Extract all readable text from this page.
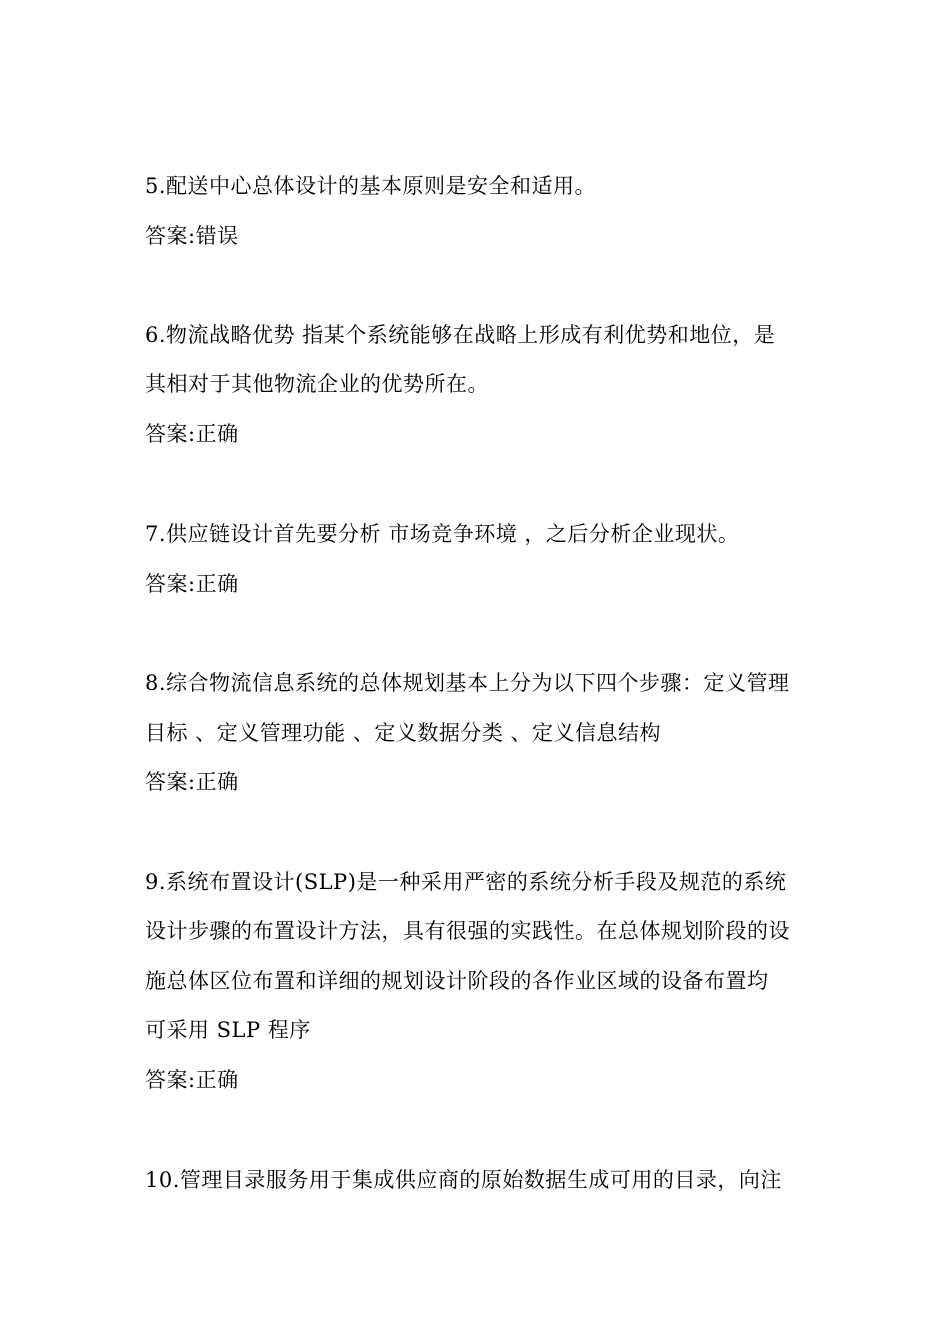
5.配送中心总体设计的基本原则是安全和适用。
答案:错误
6.物流战略优势 指某个系统能够在战略上形成有利优势和地位，是
其相对于其他物流企业的优势所在。
答案:正确
7.供应链设计首先要分析 市场竞争环境 ，之后分析企业现状。
答案:正确
8.综合物流信息系统的总体规划基本上分为以下四个步骤：定义管理
目标 、定义管理功能 、定义数据分类 、定义信息结构
答案:正确
9.系统布置设计(SLP)是一种采用严密的系统分析手段及规范的系统
设计步骤的布置设计方法，具有很强的实践性。在总体规划阶段的设
施总体区位布置和详细的规划设计阶段的各作业区域的设备布置均
可采用 SLP 程序
答案:正确
10.管理目录服务用于集成供应商的原始数据生成可用的目录，向注
